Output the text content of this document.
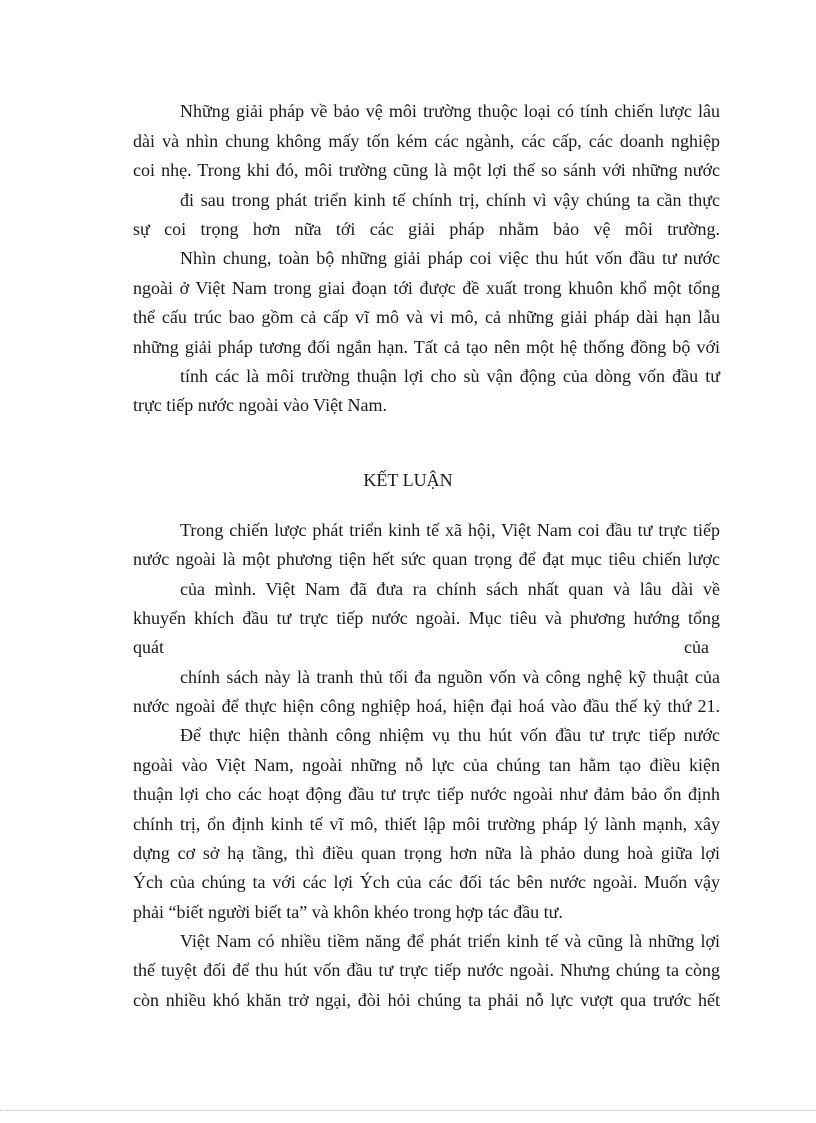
Những giải pháp về bảo vệ môi trường thuộc loại có tính chiến lược lâu
dài và nhìn chung không mấy tốn kém các ngành, các cấp, các doanh nghiệp
coi nhẹ. Trong khi đó, môi trường cũng là một lợi thế so sánh với những nước
đi sau trong phát triển kinh tế chính trị, chính vì vậy chúng ta cần thực
sự coi trọng hơn nữa tới các giải pháp nhằm bảo vệ môi trường.
Nhìn chung, toàn bộ những giải pháp coi việc thu hút vốn đầu tư nước
ngoài ở Việt Nam trong giai đoạn tới được đề xuất trong khuôn khổ một tổng
thể cấu trúc bao gồm cả cấp vĩ mô và vi mô, cả những giải pháp dài hạn lẫu
những giải pháp tương đối ngắn hạn. Tất cả tạo nên một hệ thống đồng bộ với
tính các là môi trường thuận lợi cho sù vận động của dòng vốn đầu tư
trực tiếp nước ngoài vào Việt Nam.
KẾT LUẬN
Trong chiến lược phát triển kinh tế xã hội, Việt Nam coi đầu tư trực tiếp
nước ngoài là một phương tiện hết sức quan trọng để đạt mục tiêu chiến lược
của mình. Việt Nam đã đưa ra chính sách nhất quan và lâu dài về
khuyến khích đầu tư trực tiếp nước ngoài. Mục tiêu và phương hướng tổng
quát	của
chính sách này là tranh thủ tối đa nguồn vốn và công nghệ kỹ thuật của
nước ngoài để thực hiện công nghiệp hoá, hiện đại hoá vào đầu thế kỷ thứ 21.
Để thực hiện thành công nhiệm vụ thu hút vốn đầu tư trực tiếp nước
ngoài vào Việt Nam, ngoài những nỗ lực của chúng tan hằm tạo điều kiện
thuận lợi cho các hoạt động đầu tư trực tiếp nước ngoài như đảm bảo ổn định
chính trị, ổn định kinh tế vĩ mô, thiết lập môi trường pháp lý lành mạnh, xây
dựng cơ sở hạ tầng, thì điều quan trọng hơn nữa là phảo dung hoà giữa lợi
Ých của chúng ta với các lợi Ých của các đối tác bên nước ngoài. Muốn vậy
phải “biết người biết ta” và khôn khéo trong hợp tác đầu tư.
Việt Nam có nhiều tiềm năng để phát triển kinh tế và cũng là những lợi
thế tuyệt đối để thu hút vốn đầu tư trực tiếp nước ngoài. Nhưng chúng ta còng
còn nhiều khó khăn trở ngại, đòi hỏi chúng ta phải nỗ lực vượt qua trước hết
